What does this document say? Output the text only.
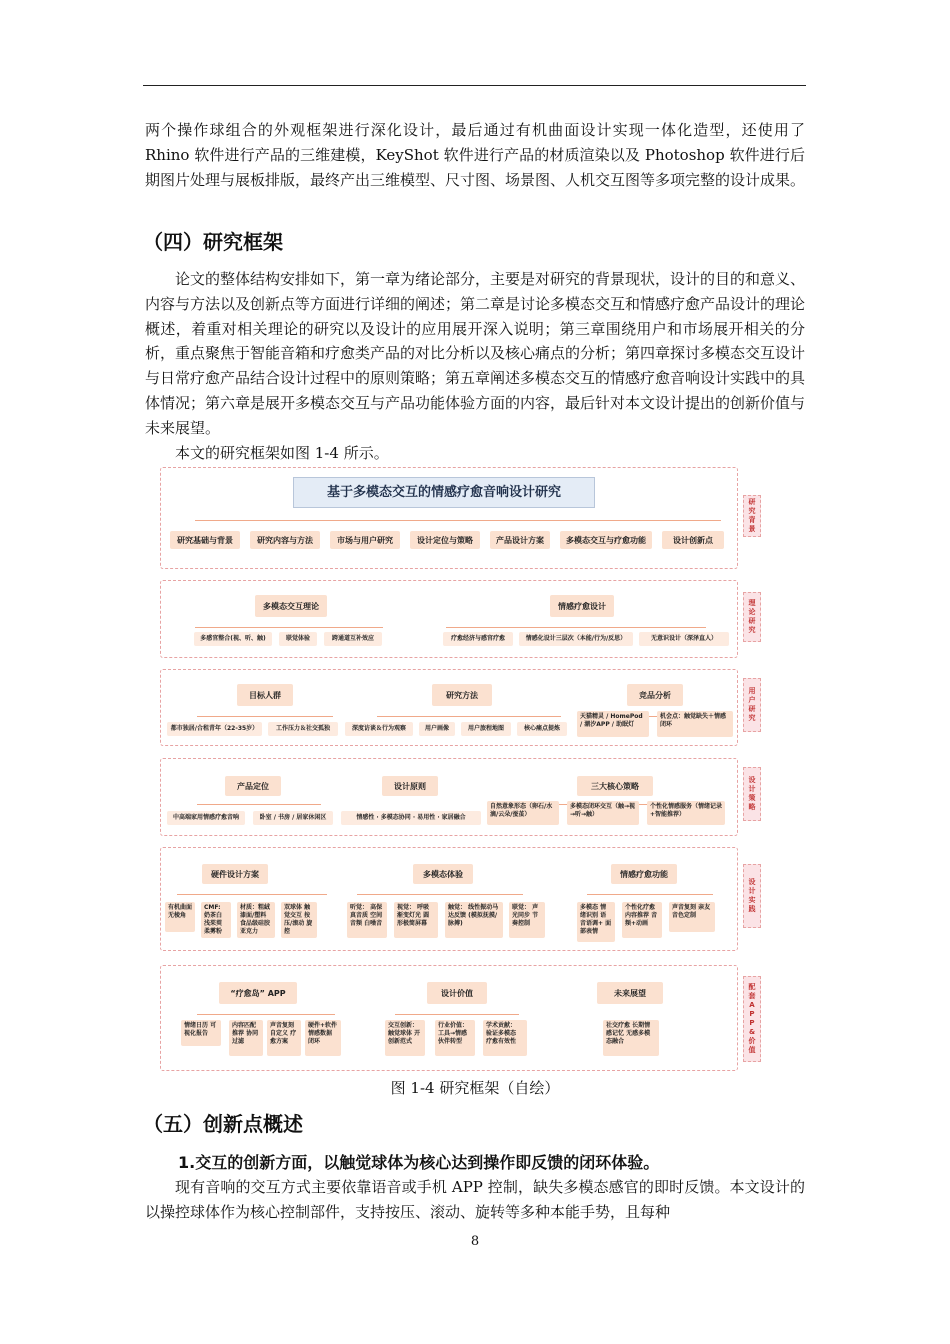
两个操作球组合的外观框架进行深化设计，最后通过有机曲面设计实现一体化造型，还使用了 Rhino 软件进行产品的三维建模，KeyShot 软件进行产品的材质渲染以及 Photoshop 软件进行后期图片处理与展板排版，最终产出三维模型、尺寸图、场景图、人机交互图等多项完整的设计成果。

（四）研究框架

论文的整体结构安排如下，第一章为绪论部分，主要是对研究的背景现状，设计的目的和意义、内容与方法以及创新点等方面进行详细的阐述；第二章是讨论多模态交互和情感疗愈产品设计的理论概述，着重对相关理论的研究以及设计的应用展开深入说明；第三章围绕用户和市场展开相关的分析，重点聚焦于智能音箱和疗愈类产品的对比分析以及核心痛点的分析；第四章探讨多模态交互设计与日常疗愈产品结合设计过程中的原则策略；第五章阐述多模态交互的情感疗愈音响设计实践中的具体情况；第六章是展开多模态交互与产品功能体验方面的内容，最后针对本文设计提出的创新价值与未来展望。

本文的研究框架如图 1-4 所示。

基于多模态交互的情感疗愈音响设计研究
研究基础与背景	研究内容与方法	市场与用户研究	设计定位与策略	产品设计方案	多模态交互与疗愈功能	设计创新点
研究背景
多模态交互理论	情感疗愈设计
多感官整合(视、听、触)	联觉体验	跨通道互补效应	疗愈经济与感官疗愈	情感化设计三层次（本能/行为/反思）	无意识设计（深泽直人）
理论研究
目标人群	研究方法	竞品分析
都市独居/合租青年（22-35岁）	工作压力＆社交孤独	深度访谈＆行为观察	用户画像	用户旅程地图	核心痛点提炼
天猫精灵 / HomePod / 潮汐APP / 助眠灯
机会点：触觉缺失＋情感闭环
用户研究
产品定位	设计原则	三大核心策略
中高端家用情感疗愈音响	卧室 / 书房 / 居家休闲区	情感性 · 多模态协同 · 易用性 · 家居融合
自然意象形态（卵石/水滴/云朵/蚕茧）
多模态闭环交互（触→视→听→触）
个性化情感服务（情绪记录+智能推荐）
设计策略
硬件设计方案	多模态体验	情感疗愈功能
有机曲面 无棱角
CMF: 奶茶白 浅茱萸 柔雾粉
材质：粗絨 漆面/塑料 食品级硅胶 亚克力
双球体 触觉交互 按压/滚动 旋控
听觉： 高保真音质 空间音频 白噪音
视觉： 呼吸渐变灯光 圆形极简屏幕
触觉： 线性振动马达反馈 (模拟抚摸/脉搏)
联觉： 声光同步 节奏控制
多模态 情绪识别 语音语调+ 面部表情
个性化疗愈 内容推荐 音频+动画
声音复刻 亲友音色定制
设计实践
“疗愈岛” APP	设计价值	未来展望
情绪日历 可视化报告
内容匹配 推荐 协同过滤
声音复刻 自定义 疗愈方案
硬件+软件 情感数据 闭环
交互创新： 触觉球体 开创新范式
行业价值： 工具→情感 伙伴转型
学术贡献： 验证多模态 疗愈有效性
社交疗愈 长期情感记忆 无感多模态融合
配套APP&价值
图 1-4 研究框架（自绘）
（五）创新点概述
1.交互的创新方面，以触觉球体为核心达到操作即反馈的闭环体验。

现有音响的交互方式主要依靠语音或手机 APP 控制，缺失多模态感官的即时反馈。本文设计的以操控球体作为核心控制部件，支持按压、滚动、旋转等多种本能手势，且每种

8
